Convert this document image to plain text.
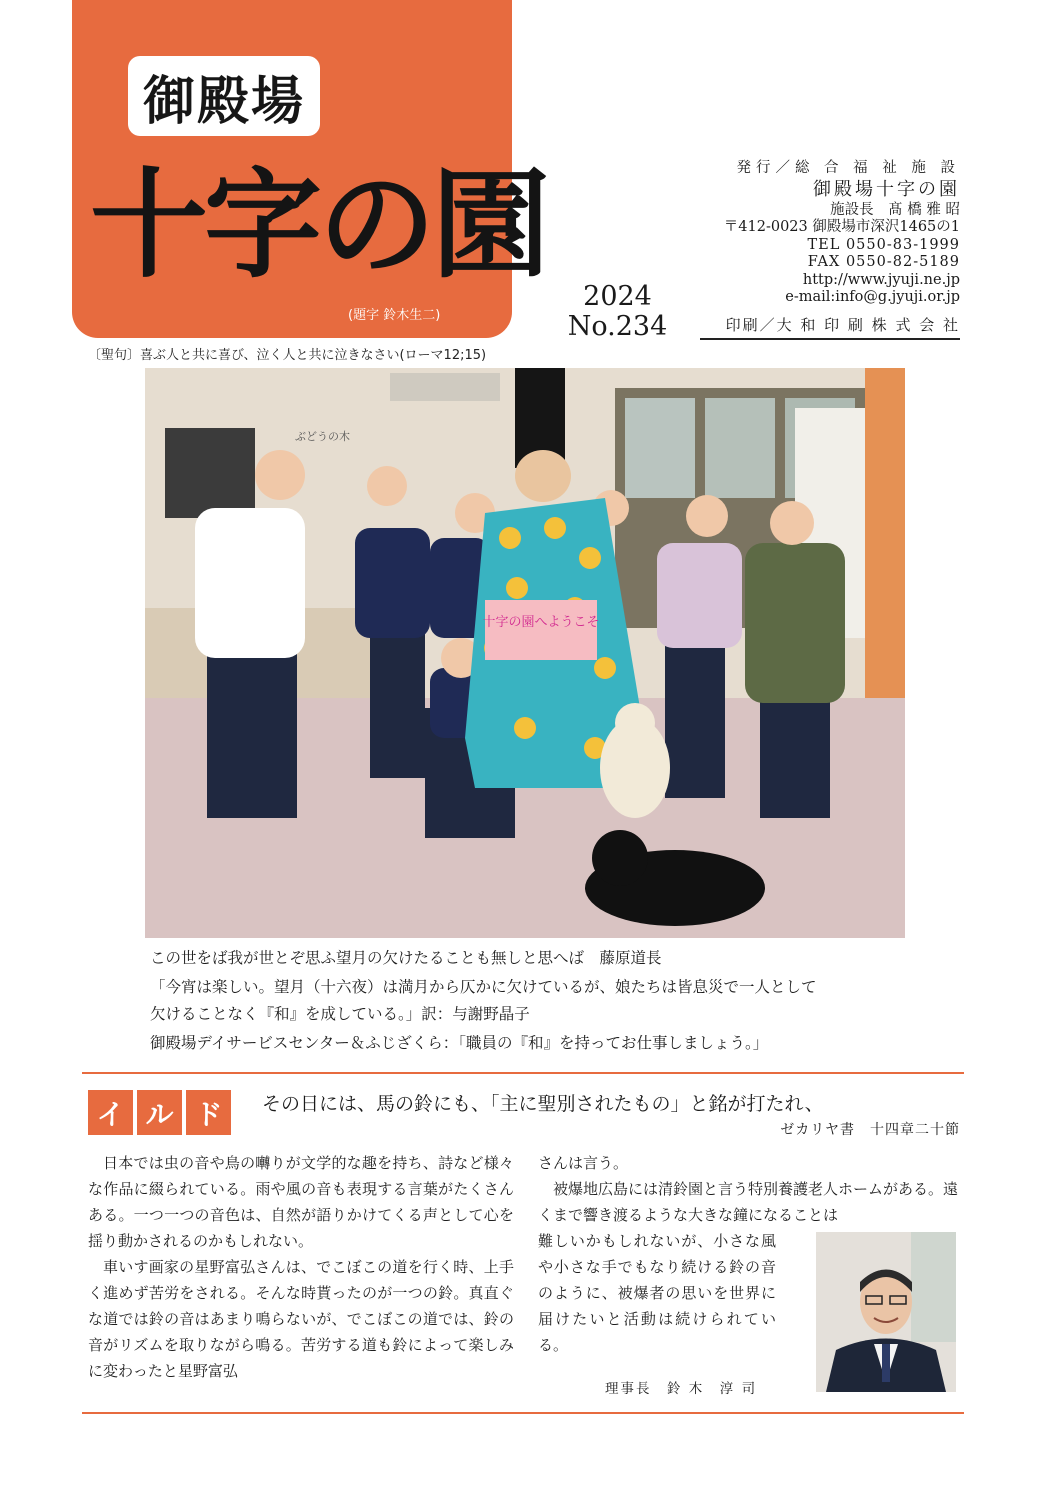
御殿場
十字の園
(題字 鈴木生二)
2024
No.234
発行／総 合 福 祉 施 設
御殿場十字の園
施設長　髙 橋 雅 昭
〒412-0023 御殿場市深沢1465の1
TEL 0550-83-1999
FAX 0550-82-5189
http://www.jyuji.ne.jp
e-mail:info@g.jyuji.or.jp
印刷／大 和 印 刷 株 式 会 社
〔聖句〕喜ぶ人と共に喜び、泣く人と共に泣きなさい(ローマ12;15)
ぶどうの木
十字の園へようこそ
この世をば我が世とぞ思ふ望月の欠けたることも無しと思へば　藤原道長
「今宵は楽しい。望月（十六夜）は満月から仄かに欠けているが、娘たちは皆息災で一人として
欠けることなく『和』を成している。」訳：与謝野晶子
御殿場デイサービスセンター＆ふじざくら：「職員の『和』を持ってお仕事しましょう。」
イ ル ド	その日には、馬の鈴にも、「主に聖別されたもの」と銘が打たれ、
ゼカリヤ書　十四章二十節

日本では虫の音や鳥の囀りが文学的な趣を持ち、詩など様々な作品に綴られている。雨や風の音も表現する言葉がたくさんある。一つ一つの音色は、自然が語りかけてくる声として心を揺り動かされるのかもしれない。

車いす画家の星野富弘さんは、でこぼこの道を行く時、上手く進めず苦労をされる。そんな時貰ったのが一つの鈴。真直ぐな道では鈴の音はあまり鳴らないが、でこぼこの道では、鈴の音がリズムを取りながら鳴る。苦労する道も鈴によって楽しみに変わったと星野富弘

さんは言う。

被爆地広島には清鈴園と言う特別養護老人ホームがある。遠くまで響き渡るような大きな鐘になることは

難しいかもしれないが、小さな風や小さな手でもなり続ける鈴の音のように、被爆者の思いを世界に届けたいと活動は続けられている。

理事長　鈴 木　淳 司
